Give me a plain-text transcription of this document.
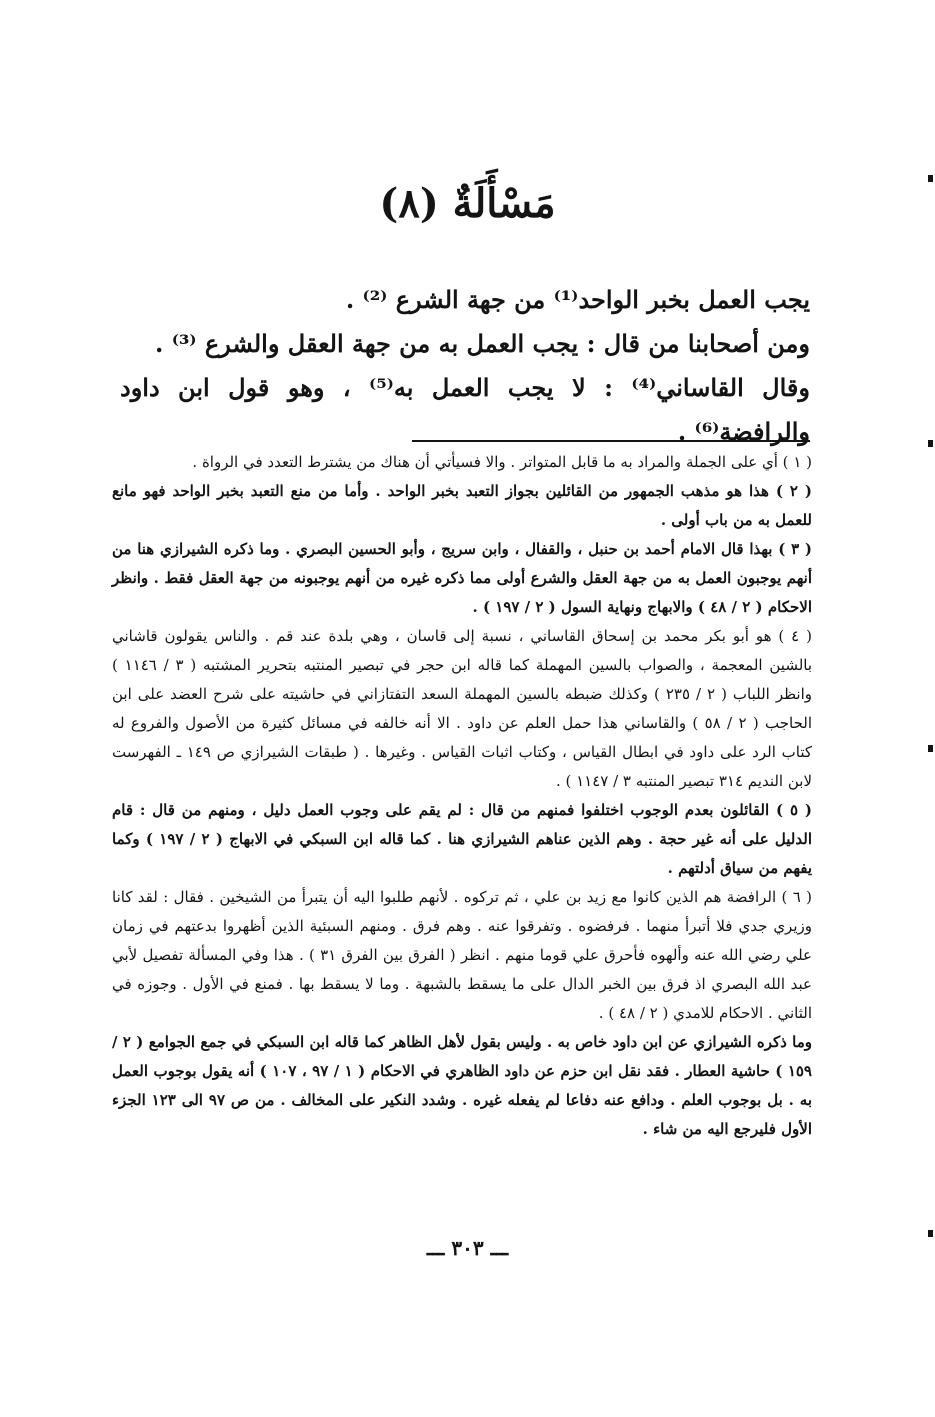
مَسْأَلَةٌ (٨)

يجب العمل بخبر الواحد⁽¹⁾ من جهة الشرع ⁽²⁾ .

ومن أصحابنا من قال : يجب العمل به من جهة العقل والشرع ⁽³⁾ .

وقال القاساني⁽⁴⁾ : لا يجب العمل به⁽⁵⁾ ، وهو قول ابن داود والرافضة⁽⁶⁾ .

( ١ ) أي على الجملة والمراد به ما قابل المتواتر . والا فسيأتي أن هناك من يشترط التعدد في الرواة .

( ٢ ) هذا هو مذهب الجمهور من القائلين بجواز التعبد بخبر الواحد . وأما من منع التعبد بخبر الواحد فهو مانع للعمل به من باب أولى .

( ٣ ) بهذا قال الامام أحمد بن حنبل ، والقفال ، وابن سريج ، وأبو الحسين البصري . وما ذكره الشيرازي هنا من أنهم يوجبون العمل به من جهة العقل والشرع أولى مما ذكره غيره من أنهم يوجبونه من جهة العقل فقط . وانظر الاحكام ( ٢ / ٤٨ ) والابهاج ونهاية السول ( ٢ / ١٩٧ ) .

( ٤ ) هو أبو بكر محمد بن إسحاق القاساني ، نسبة إلى قاسان ، وهي بلدة عند قم . والناس يقولون قاشاني بالشين المعجمة ، والصواب بالسين المهملة كما قاله ابن حجر في تبصير المنتبه بتحرير المشتبه ( ٣ / ١١٤٦ ) وانظر اللباب ( ٢ / ٢٣٥ ) وكذلك ضبطه بالسين المهملة السعد التفتازاني في حاشيته على شرح العضد على ابن الحاجب ( ٢ / ٥٨ ) والقاساني هذا حمل العلم عن داود . الا أنه خالفه في مسائل كثيرة من الأصول والفروع له كتاب الرد على داود في ابطال القياس ، وكتاب اثبات القياس . وغيرها . ( طبقات الشيرازي ص ١٤٩ ـ الفهرست لابن النديم ٣١٤ تبصير المنتبه ٣ / ١١٤٧ ) .

( ٥ ) القائلون بعدم الوجوب اختلفوا فمنهم من قال : لم يقم على وجوب العمل دليل ، ومنهم من قال : قام الدليل على أنه غير حجة . وهم الذين عناهم الشيرازي هنا . كما قاله ابن السبكي في الابهاج ( ٢ / ١٩٧ ) وكما يفهم من سياق أدلتهم .

( ٦ ) الرافضة هم الذين كانوا مع زيد بن علي ، ثم تركوه . لأنهم طلبوا اليه أن يتبرأ من الشيخين . فقال : لقد كانا وزيري جدي فلا أتبرأ منهما . فرفضوه . وتفرقوا عنه . وهم فرق . ومنهم السبئية الذين أظهروا بدعتهم في زمان علي رضي الله عنه وألهوه فأحرق علي قوما منهم . انظر ( الفرق بين الفرق ٣١ ) . هذا وفي المسألة تفصيل لأبي عبد الله البصري اذ فرق بين الخبر الدال على ما يسقط بالشبهة . وما لا يسقط بها . فمنع في الأول . وجوزه في الثاني . الاحكام للامدي ( ٢ / ٤٨ ) .

وما ذكره الشيرازي عن ابن داود خاص به . وليس بقول لأهل الظاهر كما قاله ابن السبكي في جمع الجوامع ( ٢ / ١٥٩ ) حاشية العطار . فقد نقل ابن حزم عن داود الظاهري في الاحكام ( ١ / ٩٧ ، ١٠٧ ) أنه يقول بوجوب العمل به . بل بوجوب العلم . ودافع عنه دفاعا لم يفعله غيره . وشدد النكير على المخالف . من ص ٩٧ الى ١٢٣ الجزء الأول فليرجع اليه من شاء .

ـــ ٣٠٣ ـــ
